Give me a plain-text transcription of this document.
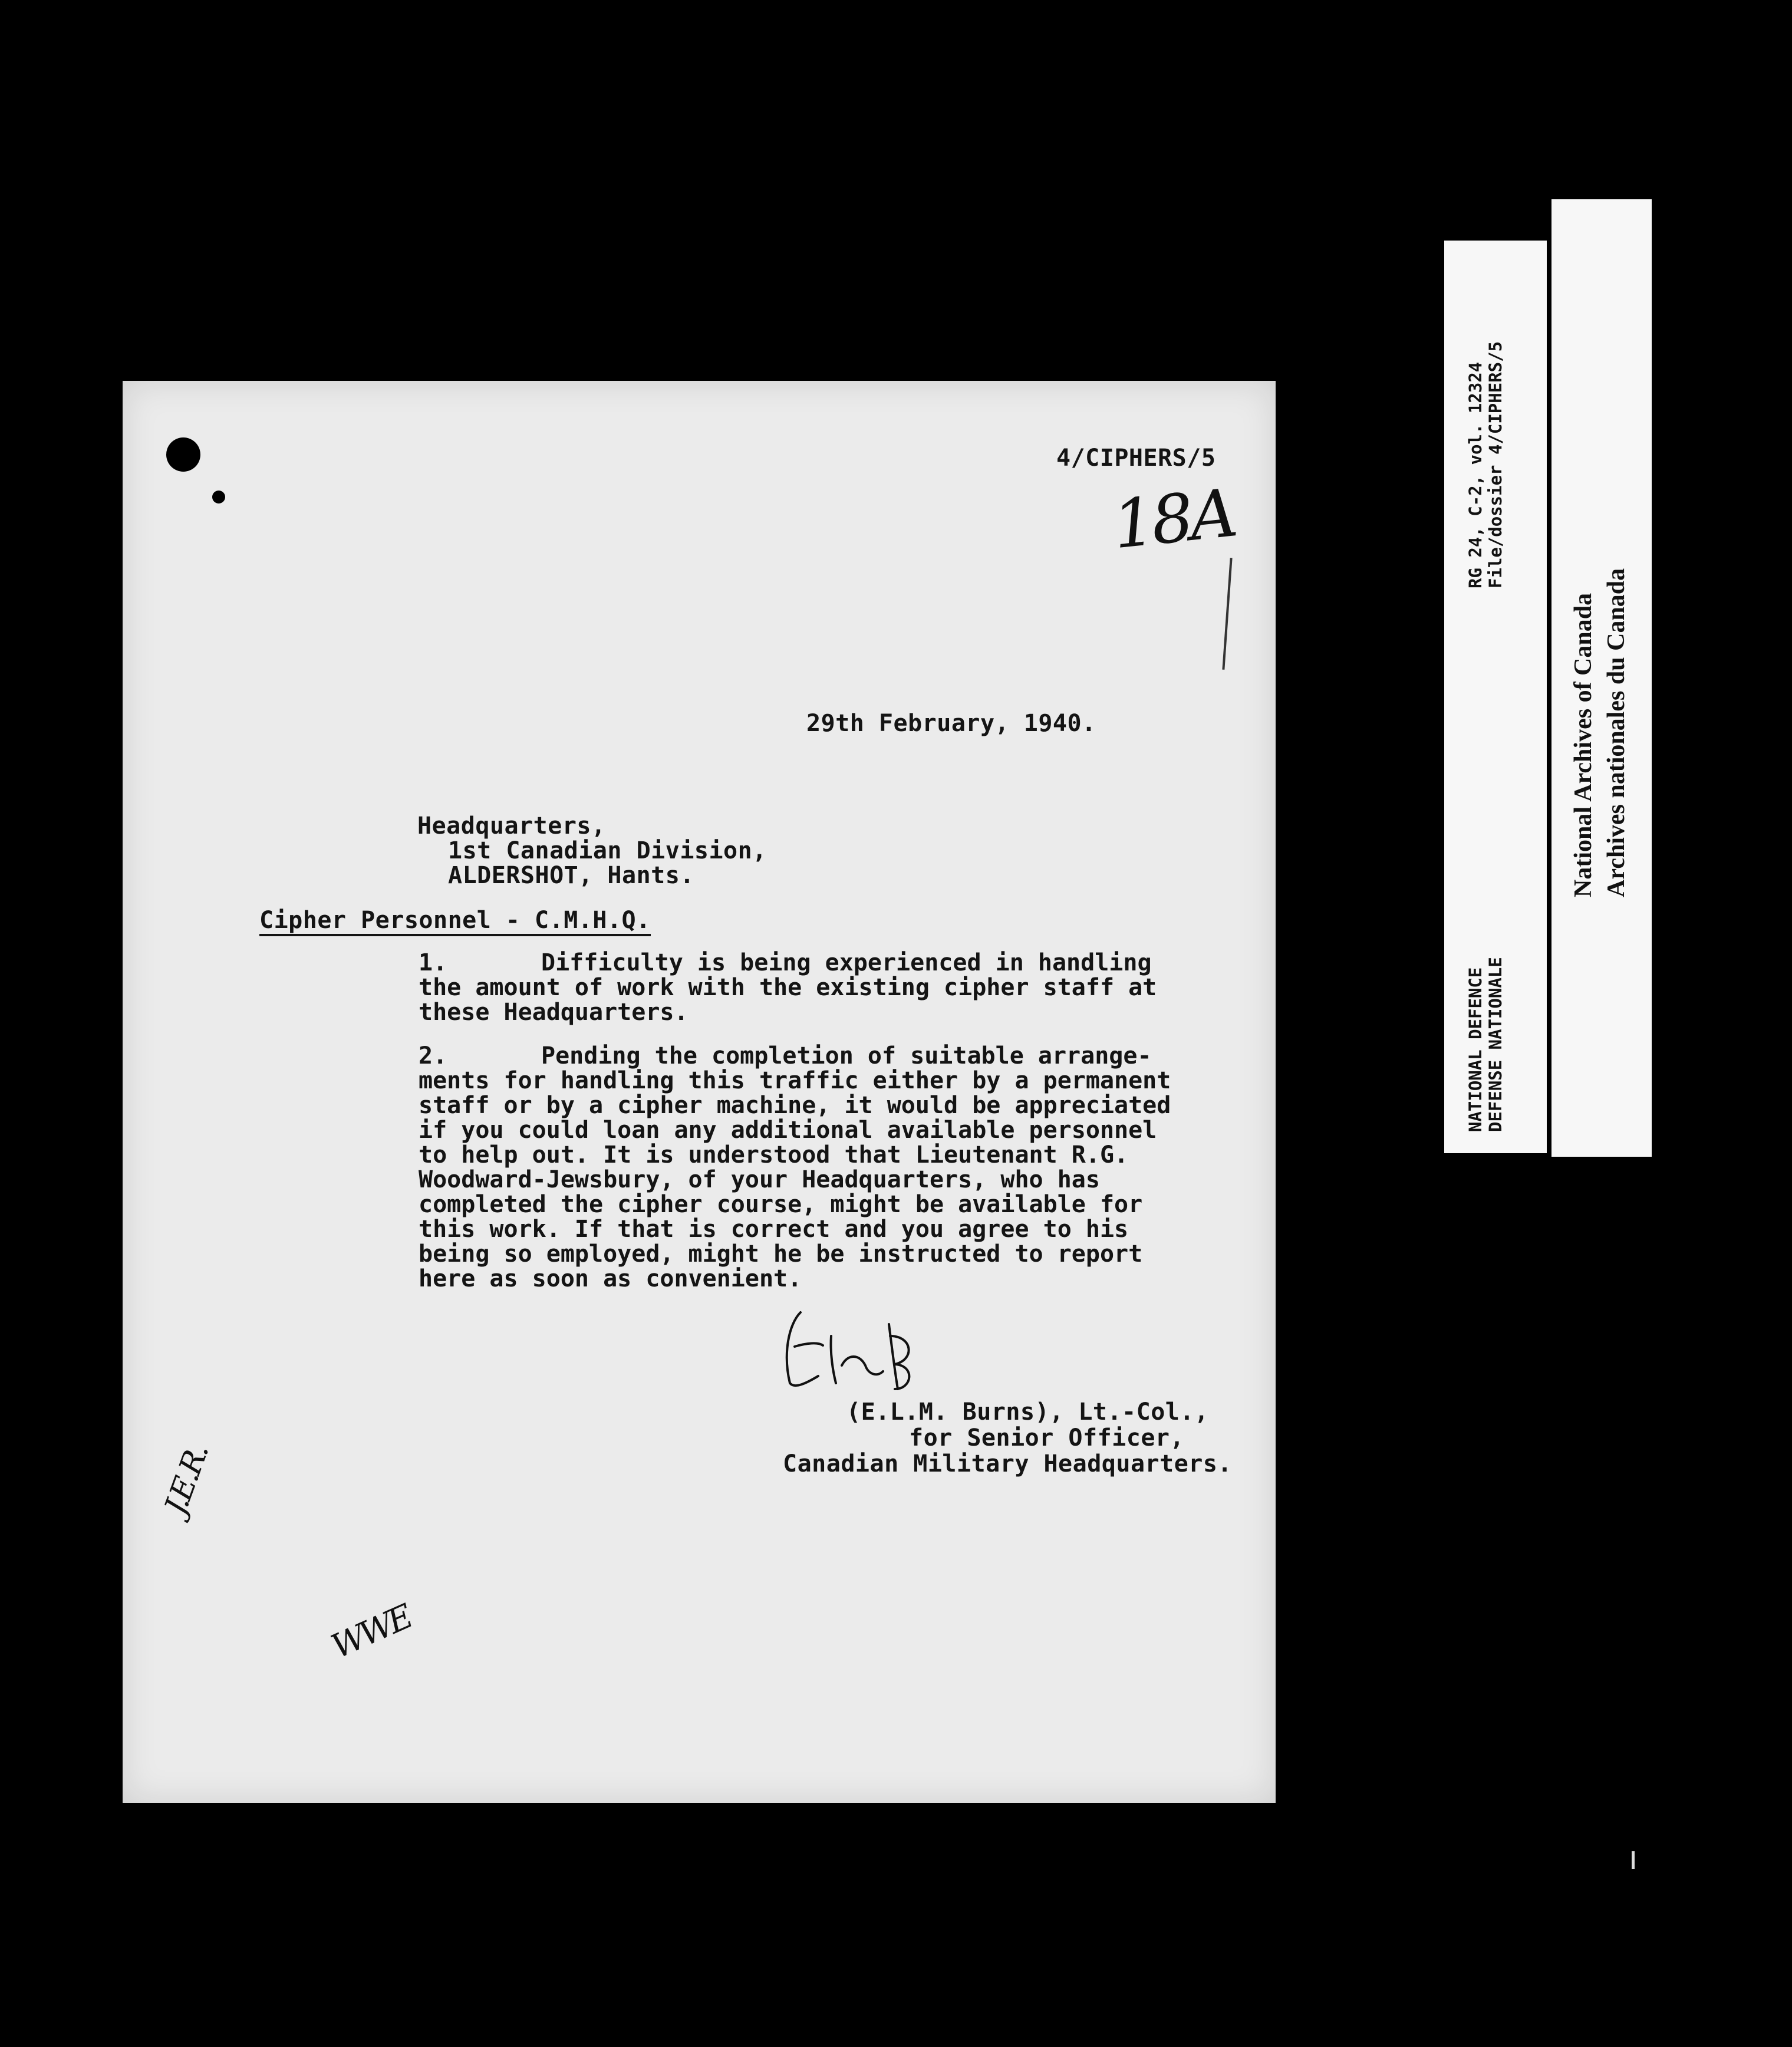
4/CIPHERS/5
18A
29th February, 1940.
Headquarters,
1st Canadian Division,
ALDERSHOT, Hants.
Cipher Personnel - C.M.H.Q.
1.	Difficulty is being experienced in handling
the amount of work with the existing cipher staff at
these Headquarters.
2.	Pending the completion of suitable arrange-
ments for handling this traffic either by a permanent
staff or by a cipher machine, it would be appreciated
if you could loan any additional available personnel
to help out. It is understood that Lieutenant R.G.
Woodward-Jewsbury, of your Headquarters, who has
completed the cipher course, might be available for
this work. If that is correct and you agree to his
being so employed, might he be instructed to report
here as soon as convenient.
(E.L.M. Burns), Lt.-Col.,
for Senior Officer,
Canadian Military Headquarters.
J.E.R.
WWE
RG 24, C-2, vol. 12324 File/dossier 4/CIPHERS/5
NATIONAL DEFENCE DEFENSE NATIONALE
National Archives of Canada Archives nationales du Canada
